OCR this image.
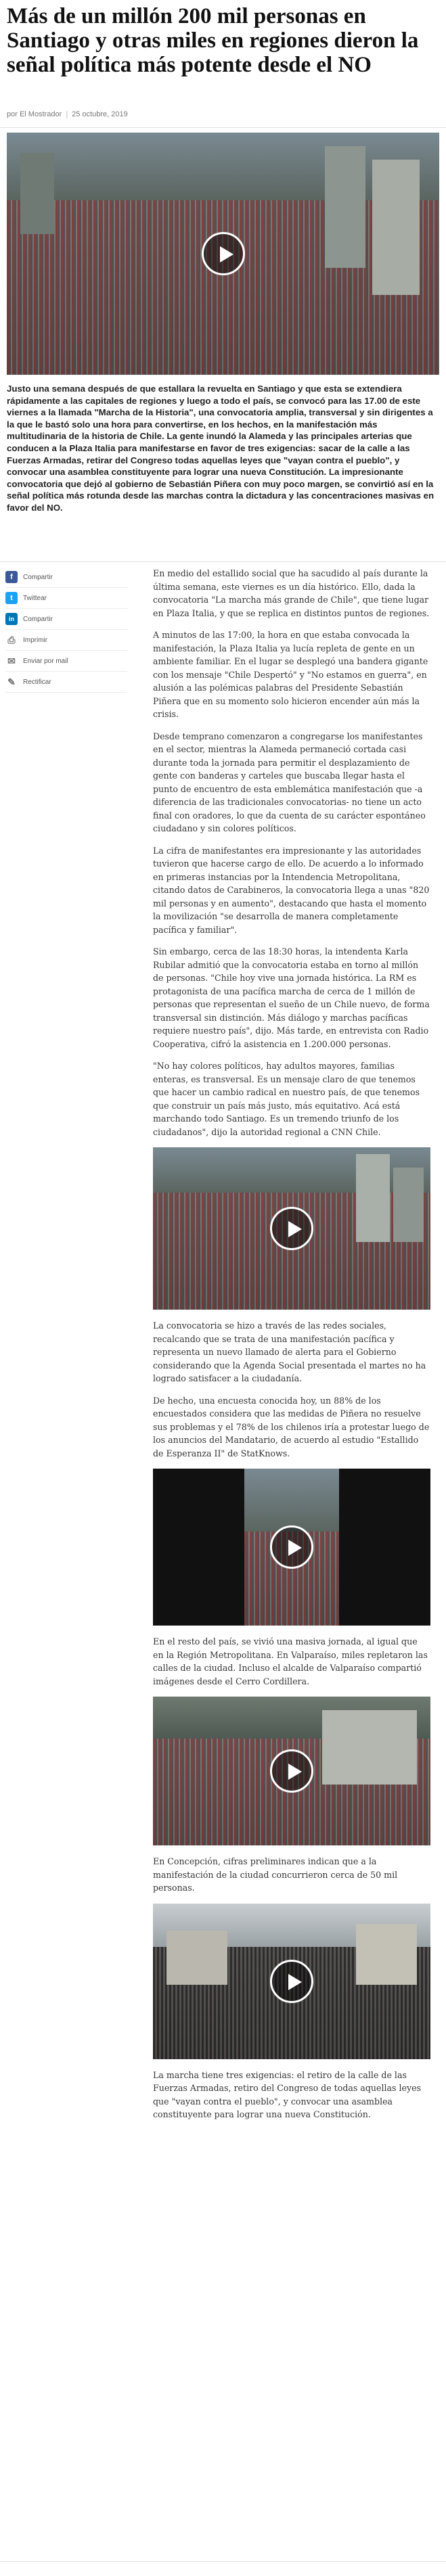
Más de un millón 200 mil personas en Santiago y otras miles en regiones dieron la señal política más potente desde el NO
por El Mostrador | 25 octubre, 2019

Justo una semana después de que estallara la revuelta en Santiago y que esta se extendiera rápidamente a las capitales de regiones y luego a todo el país, se convocó para las 17.00 de este viernes a la llamada "Marcha de la Historia", una convocatoria amplia, transversal y sin dirigentes a la que le bastó solo una hora para convertirse, en los hechos, en la manifestación más multitudinaria de la historia de Chile. La gente inundó la Alameda y las principales arterias que conducen a la Plaza Italia para manifestarse en favor de tres exigencias: sacar de la calle a las Fuerzas Armadas, retirar del Congreso todas aquellas leyes que "vayan contra el pueblo", y convocar una asamblea constituyente para lograr una nueva Constitución. La impresionante convocatoria que dejó al gobierno de Sebastián Piñera con muy poco margen, se convirtió así en la señal política más rotunda desde las marchas contra la dictadura y las concentraciones masivas en favor del NO.

f	Compartir
t	Twittear
in	Compartir
⎙	Imprimir
✉	Enviar por mail
✎	Rectificar

En medio del estallido social que ha sacudido al país durante la última semana, este viernes es un día histórico. Ello, dada la convocatoria "La marcha más grande de Chile", que tiene lugar en Plaza Italia, y que se replica en distintos puntos de regiones.

A minutos de las 17:00, la hora en que estaba convocada la manifestación, la Plaza Italia ya lucía repleta de gente en un ambiente familiar. En el lugar se desplegó una bandera gigante con los mensaje "Chile Despertó" y "No estamos en guerra", en alusión a las polémicas palabras del Presidente Sebastián Piñera que en su momento solo hicieron encender aún más la crisis.

Desde temprano comenzaron a congregarse los manifestantes en el sector, mientras la Alameda permaneció cortada casi durante toda la jornada para permitir el desplazamiento de gente con banderas y carteles que buscaba llegar hasta el punto de encuentro de esta emblemática manifestación que -a diferencia de las tradicionales convocatorias- no tiene un acto final con oradores, lo que da cuenta de su carácter espontáneo ciudadano y sin colores políticos.

La cifra de manifestantes era impresionante y las autoridades tuvieron que hacerse cargo de ello. De acuerdo a lo informado en primeras instancias por la Intendencia Metropolitana, citando datos de Carabineros, la convocatoria llega a unas "820 mil personas y en aumento", destacando que hasta el momento la movilización "se desarrolla de manera completamente pacífica y familiar".

Sin embargo, cerca de las 18:30 horas, la intendenta Karla Rubilar admitió que la convocatoria estaba en torno al millón de personas. "Chile hoy vive una jornada histórica. La RM es protagonista de una pacífica marcha de cerca de 1 millón de personas que representan el sueño de un Chile nuevo, de forma transversal sin distinción. Más diálogo y marchas pacíficas requiere nuestro país", dijo. Más tarde, en entrevista con Radio Cooperativa, cifró la asistencia en 1.200.000 personas.

"No hay colores políticos, hay adultos mayores, familias enteras, es transversal. Es un mensaje claro de que tenemos que hacer un cambio radical en nuestro país, de que tenemos que construir un país más justo, más equitativo. Acá está marchando todo Santiago. Es un tremendo triunfo de los ciudadanos", dijo la autoridad regional a CNN Chile.

La convocatoria se hizo a través de las redes sociales, recalcando que se trata de una manifestación pacífica y representa un nuevo llamado de alerta para el Gobierno considerando que la Agenda Social presentada el martes no ha logrado satisfacer a la ciudadanía.

De hecho, una encuesta conocida hoy, un 88% de los encuestados considera que las medidas de Piñera no resuelve sus problemas y el 78% de los chilenos iría a protestar luego de los anuncios del Mandatario, de acuerdo al estudio "Estallido de Esperanza II" de StatKnows.

En el resto del país, se vivió una masiva jornada, al igual que en la Región Metropolitana. En Valparaíso, miles repletaron las calles de la ciudad. Incluso el alcalde de Valparaíso compartió imágenes desde el Cerro Cordillera.

En Concepción, cifras preliminares indican que a la manifestación de la ciudad concurrieron cerca de 50 mil personas.

La marcha tiene tres exigencias: el retiro de la calle de las Fuerzas Armadas, retiro del Congreso de todas aquellas leyes que "vayan contra el pueblo", y convocar una asamblea constituyente para lograr una nueva Constitución.
